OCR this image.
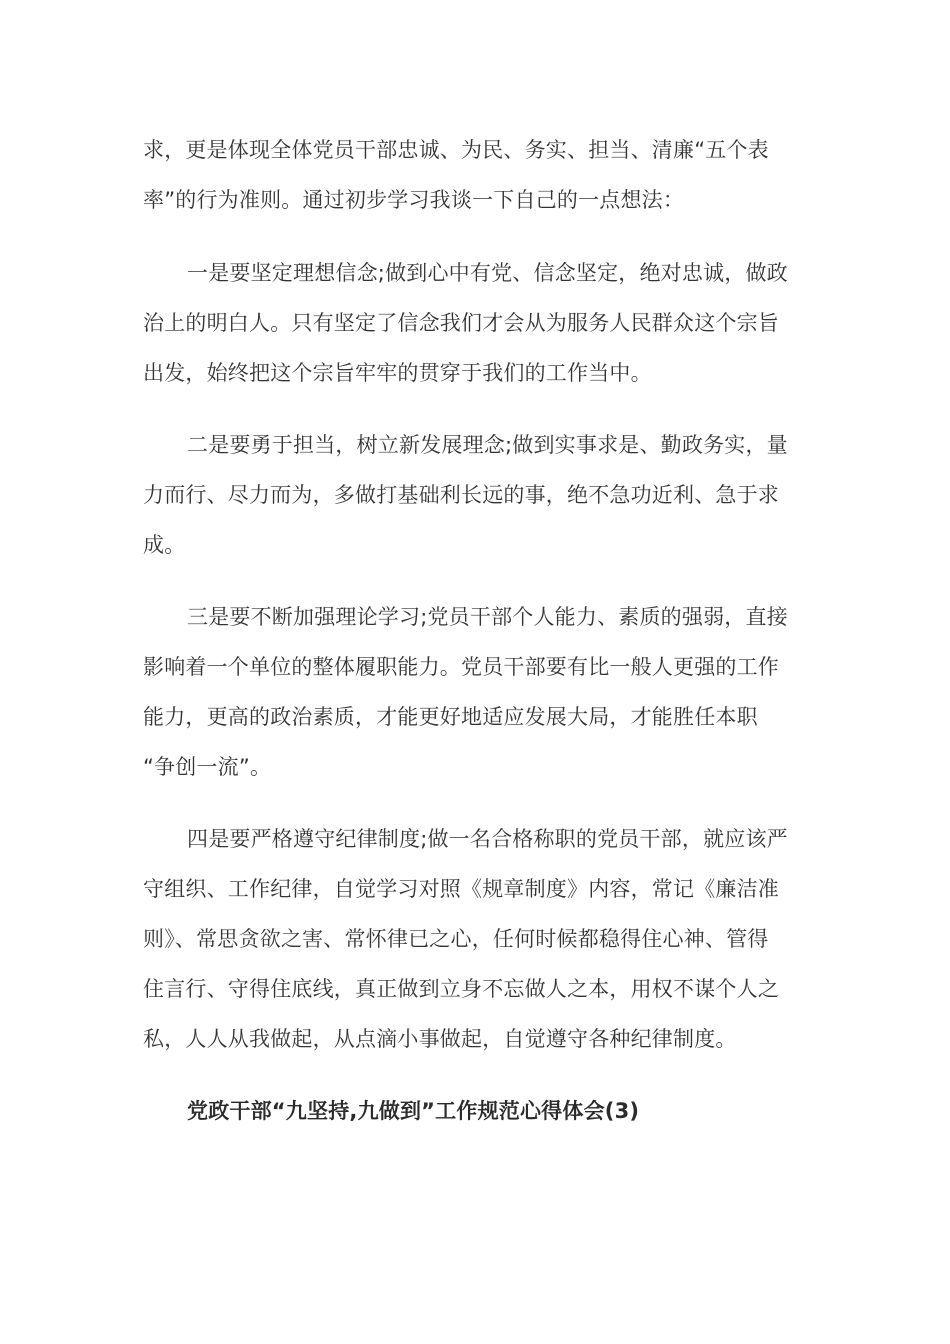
求，更是体现全体党员干部忠诚、为民、务实、担当、清廉“五个表
率”的行为准则。通过初步学习我谈一下自己的一点想法：
一是要坚定理想信念;做到心中有党、信念坚定，绝对忠诚，做政
治上的明白人。只有坚定了信念我们才会从为服务人民群众这个宗旨
出发，始终把这个宗旨牢牢的贯穿于我们的工作当中。
二是要勇于担当，树立新发展理念;做到实事求是、勤政务实，量
力而行、尽力而为，多做打基础利长远的事，绝不急功近利、急于求
成。
三是要不断加强理论学习;党员干部个人能力、素质的强弱，直接
影响着一个单位的整体履职能力。党员干部要有比一般人更强的工作
能力，更高的政治素质，才能更好地适应发展大局，才能胜任本职
“争创一流”。
四是要严格遵守纪律制度;做一名合格称职的党员干部，就应该严
守组织、工作纪律，自觉学习对照《规章制度》内容，常记《廉洁准
则》、常思贪欲之害、常怀律已之心，任何时候都稳得住心神、管得
住言行、守得住底线，真正做到立身不忘做人之本，用权不谋个人之
私，人人从我做起，从点滴小事做起，自觉遵守各种纪律制度。
党政干部“九坚持,九做到”工作规范心得体会(3)
